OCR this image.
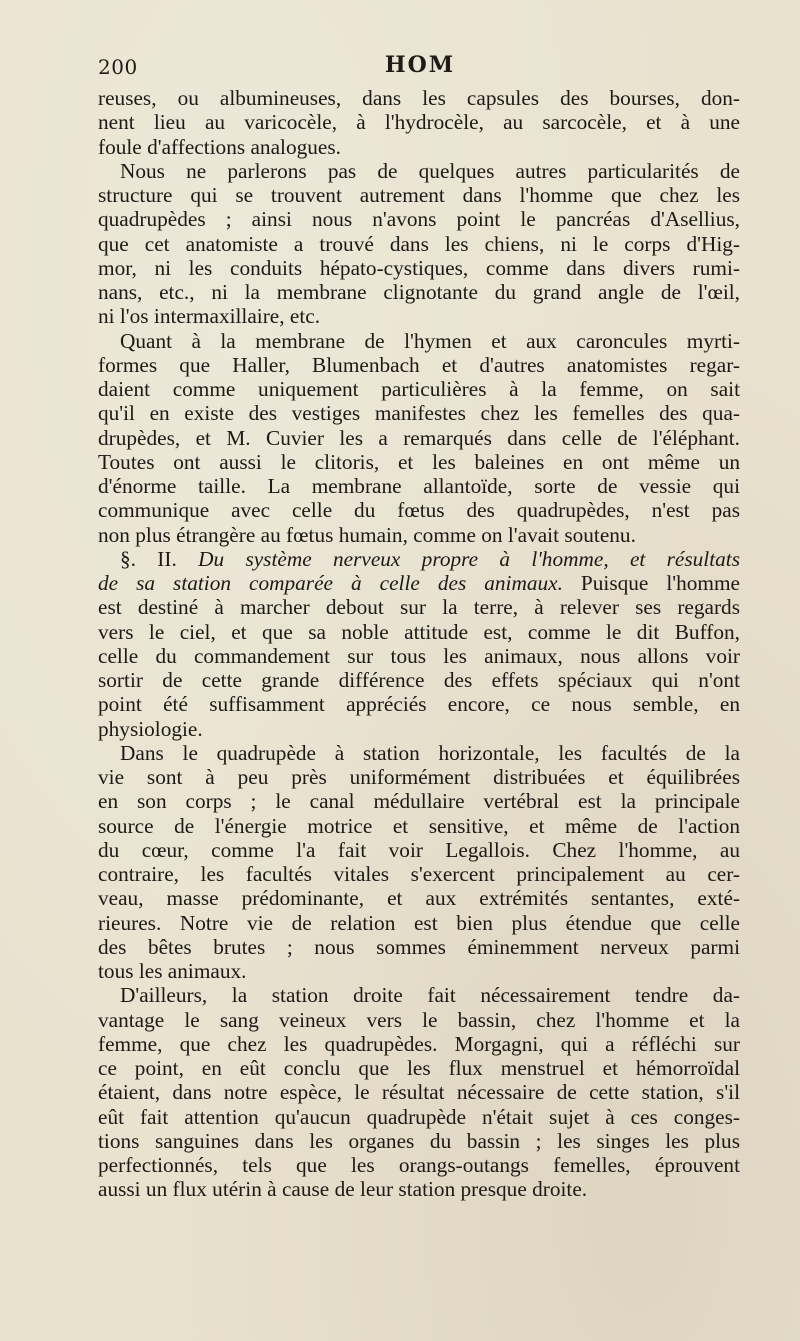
200	HOM
reuses, ou albumineuses, dans les capsules des bourses, don-
nent lieu au varicocèle, à l'hydrocèle, au sarcocèle, et à une
foule d'affections analogues.
Nous ne parlerons pas de quelques autres particularités de
structure qui se trouvent autrement dans l'homme que chez les
quadrupèdes ; ainsi nous n'avons point le pancréas d'Asellius,
que cet anatomiste a trouvé dans les chiens, ni le corps d'Hig-
mor, ni les conduits hépato-cystiques, comme dans divers rumi-
nans, etc., ni la membrane clignotante du grand angle de l'œil,
ni l'os intermaxillaire, etc.
Quant à la membrane de l'hymen et aux caroncules myrti-
formes que Haller, Blumenbach et d'autres anatomistes regar-
daient comme uniquement particulières à la femme, on sait
qu'il en existe des vestiges manifestes chez les femelles des qua-
drupèdes, et M. Cuvier les a remarqués dans celle de l'éléphant.
Toutes ont aussi le clitoris, et les baleines en ont même un
d'énorme taille. La membrane allantoïde, sorte de vessie qui
communique avec celle du fœtus des quadrupèdes, n'est pas
non plus étrangère au fœtus humain, comme on l'avait soutenu.
§. II. Du système nerveux propre à l'homme, et résultats
de sa station comparée à celle des animaux. Puisque l'homme
est destiné à marcher debout sur la terre, à relever ses regards
vers le ciel, et que sa noble attitude est, comme le dit Buffon,
celle du commandement sur tous les animaux, nous allons voir
sortir de cette grande différence des effets spéciaux qui n'ont
point été suffisamment appréciés encore, ce nous semble, en
physiologie.
Dans le quadrupède à station horizontale, les facultés de la
vie sont à peu près uniformément distribuées et équilibrées
en son corps ; le canal médullaire vertébral est la principale
source de l'énergie motrice et sensitive, et même de l'action
du cœur, comme l'a fait voir Legallois. Chez l'homme, au
contraire, les facultés vitales s'exercent principalement au cer-
veau, masse prédominante, et aux extrémités sentantes, exté-
rieures. Notre vie de relation est bien plus étendue que celle
des bêtes brutes ; nous sommes éminemment nerveux parmi
tous les animaux.
D'ailleurs, la station droite fait nécessairement tendre da-
vantage le sang veineux vers le bassin, chez l'homme et la
femme, que chez les quadrupèdes. Morgagni, qui a réfléchi sur
ce point, en eût conclu que les flux menstruel et hémorroïdal
étaient, dans notre espèce, le résultat nécessaire de cette station, s'il
eût fait attention qu'aucun quadrupède n'était sujet à ces conges-
tions sanguines dans les organes du bassin ; les singes les plus
perfectionnés, tels que les orangs-outangs femelles, éprouvent
aussi un flux utérin à cause de leur station presque droite.
